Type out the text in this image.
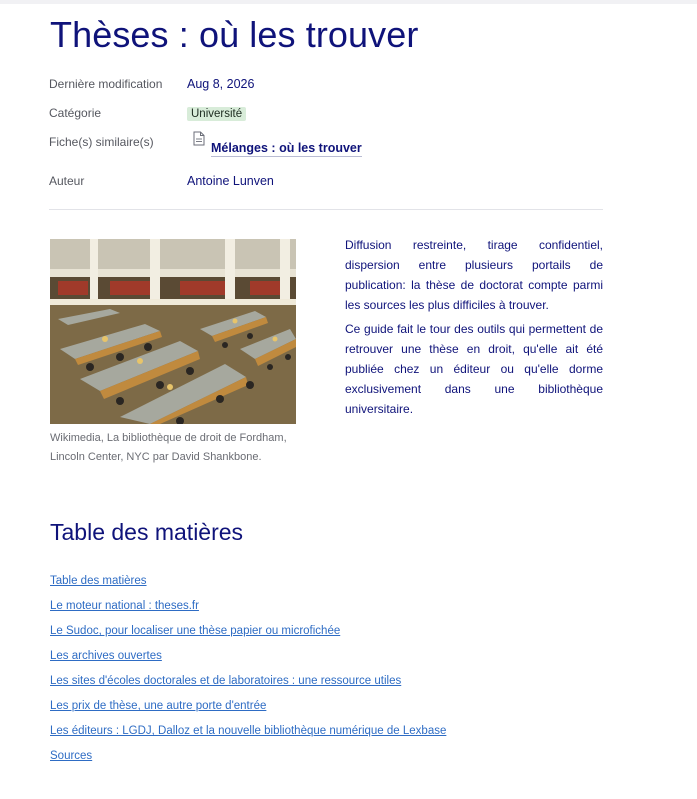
Thèses : où les trouver
Dernière modification Aug 8, 2026
Catégorie	Université
Fiche(s) similaire(s)	Mélanges : où les trouver
Auteur	Antoine Lunven

Wikimedia, La bibliothèque de droit de Fordham, Lincoln Center, NYC par David Shankbone.

Diffusion restreinte, tirage confidentiel, dispersion entre plusieurs portails de publication: la thèse de doctorat compte parmi les sources les plus difficiles à trouver.

Ce guide fait le tour des outils qui permettent de retrouver une thèse en droit, qu'elle ait été publiée chez un éditeur ou qu'elle dorme exclusivement dans une bibliothèque universitaire.

Table des matières
Table des matières
Le moteur national : theses.fr
Le Sudoc, pour localiser une thèse papier ou microfichée
Les archives ouvertes
Les sites d'écoles doctorales et de laboratoires : une ressource utiles
Les prix de thèse, une autre porte d'entrée
Les éditeurs : LGDJ, Dalloz et la nouvelle bibliothèque numérique de Lexbase
Sources
